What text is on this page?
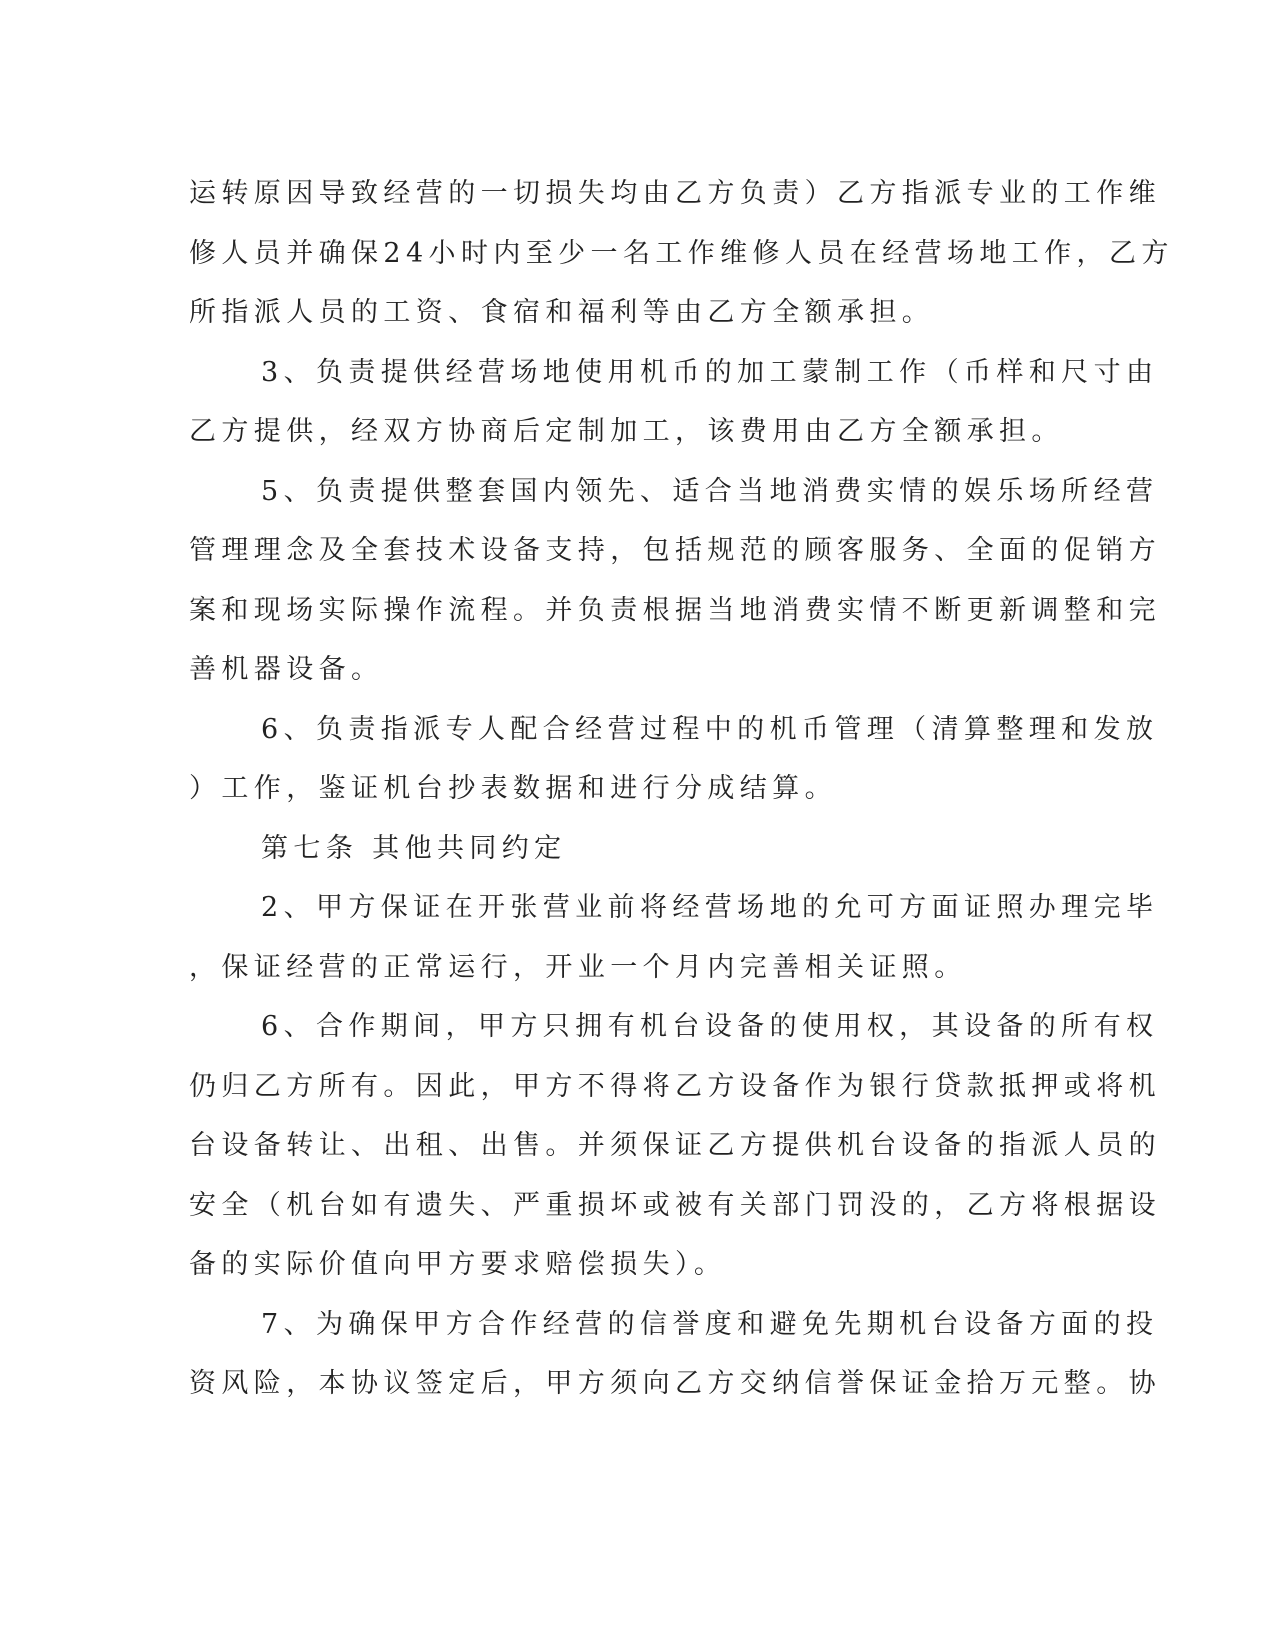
运转原因导致经营的一切损失均由乙方负责）乙方指派专业的工作维
修人员并确保24小时内至少一名工作维修人员在经营场地工作，乙方
所指派人员的工资、食宿和福利等由乙方全额承担。
3、负责提供经营场地使用机币的加工蒙制工作（币样和尺寸由
乙方提供，经双方协商后定制加工，该费用由乙方全额承担。
5、负责提供整套国内领先、适合当地消费实情的娱乐场所经营
管理理念及全套技术设备支持，包括规范的顾客服务、全面的促销方
案和现场实际操作流程。并负责根据当地消费实情不断更新调整和完
善机器设备。
6、负责指派专人配合经营过程中的机币管理（清算整理和发放
）工作，鉴证机台抄表数据和进行分成结算。
第七条 其他共同约定
2、甲方保证在开张营业前将经营场地的允可方面证照办理完毕
，保证经营的正常运行，开业一个月内完善相关证照。
6、合作期间，甲方只拥有机台设备的使用权，其设备的所有权
仍归乙方所有。因此，甲方不得将乙方设备作为银行贷款抵押或将机
台设备转让、出租、出售。并须保证乙方提供机台设备的指派人员的
安全（机台如有遗失、严重损坏或被有关部门罚没的，乙方将根据设
备的实际价值向甲方要求赔偿损失）。
7、为确保甲方合作经营的信誉度和避免先期机台设备方面的投
资风险，本协议签定后，甲方须向乙方交纳信誉保证金拾万元整。协
